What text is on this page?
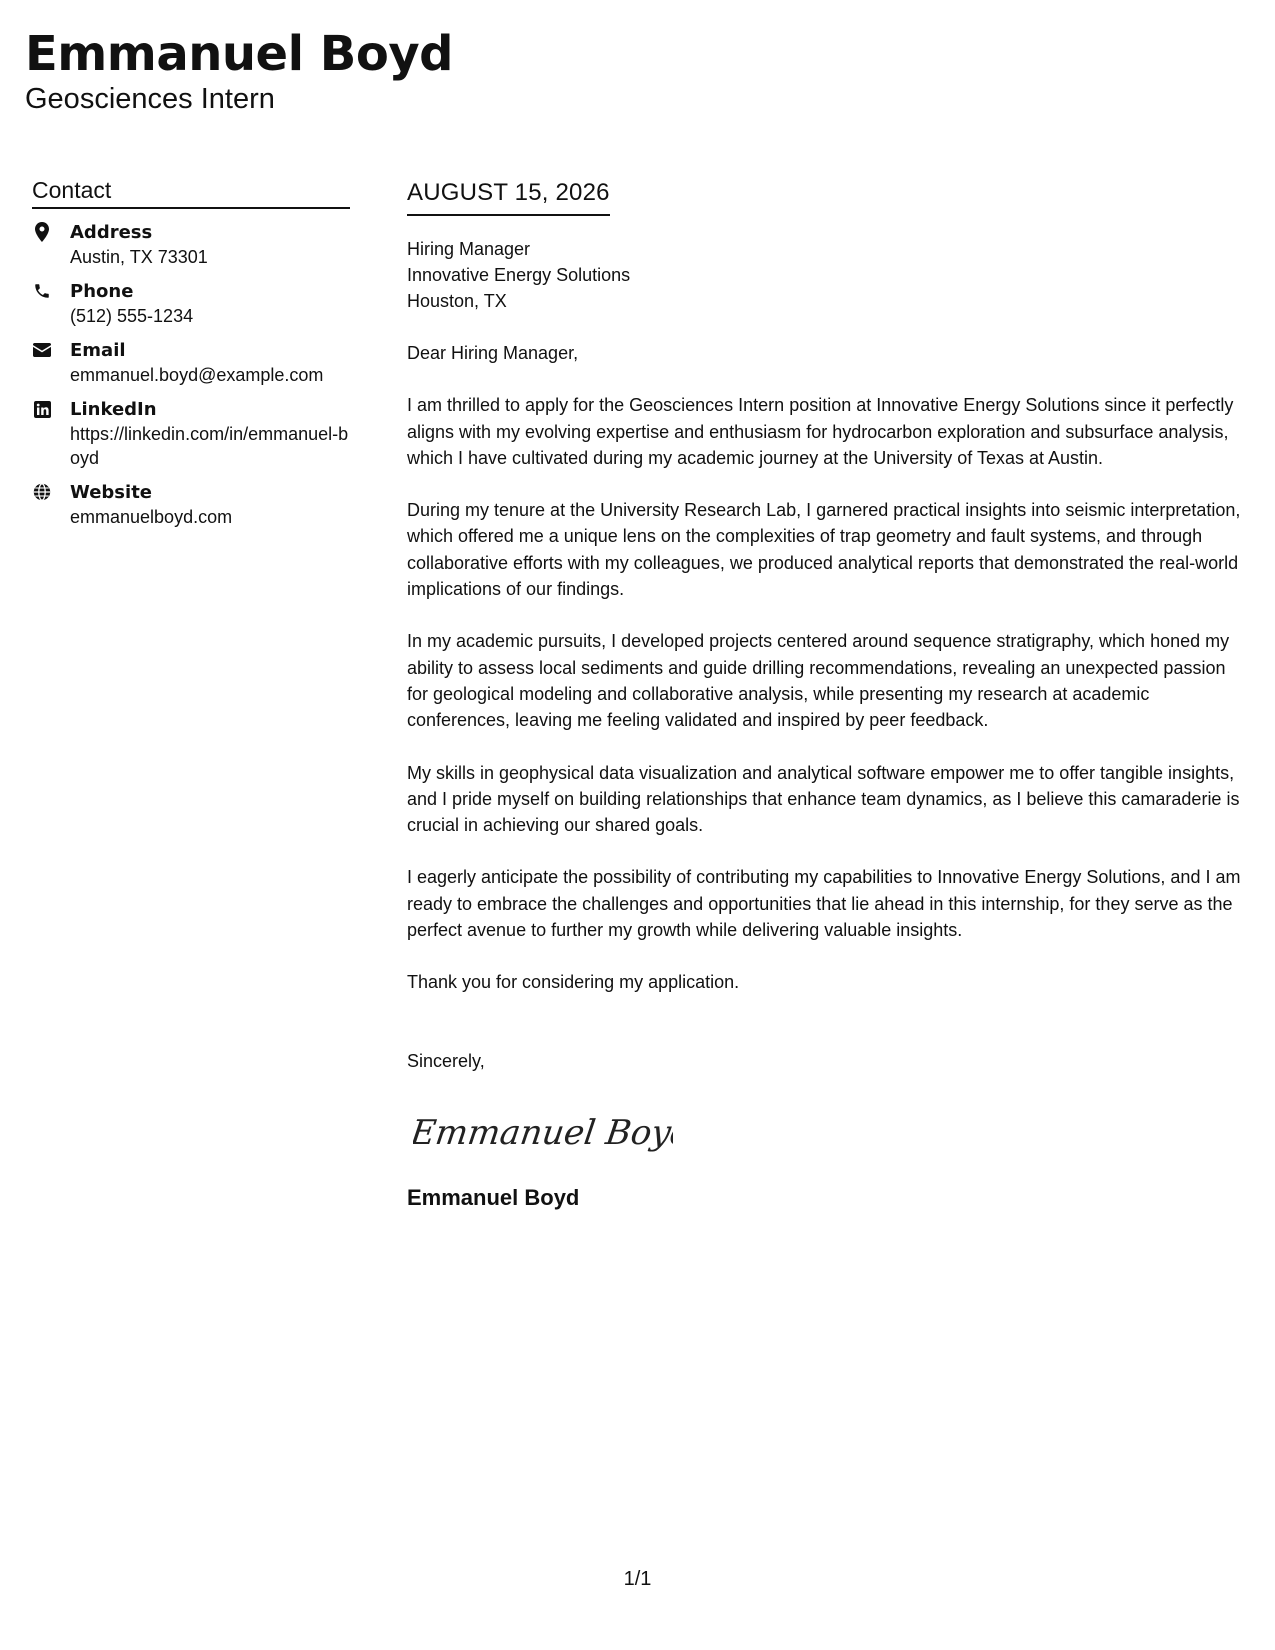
Emmanuel Boyd
Geosciences Intern
Contact
Address
Austin, TX 73301
Phone
(512) 555-1234
Email
emmanuel.boyd@example.com
LinkedIn
https://linkedin.com/in/emmanuel-boyd
Website
emmanuelboyd.com
AUGUST 15, 2026
Hiring Manager
Innovative Energy Solutions
Houston, TX

Dear Hiring Manager,

I am thrilled to apply for the Geosciences Intern position at Innovative Energy Solutions since it perfectly aligns with my evolving expertise and enthusiasm for hydrocarbon exploration and subsurface analysis, which I have cultivated during my academic journey at the University of Texas at Austin.

During my tenure at the University Research Lab, I garnered practical insights into seismic interpretation, which offered me a unique lens on the complexities of trap geometry and fault systems, and through collaborative efforts with my colleagues, we produced analytical reports that demonstrated the real-world implications of our findings.

In my academic pursuits, I developed projects centered around sequence stratigraphy, which honed my ability to assess local sediments and guide drilling recommendations, revealing an unexpected passion for geological modeling and collaborative analysis, while presenting my research at academic conferences, leaving me feeling validated and inspired by peer feedback.

My skills in geophysical data visualization and analytical software empower me to offer tangible insights, and I pride myself on building relationships that enhance team dynamics, as I believe this camaraderie is crucial in achieving our shared goals.

I eagerly anticipate the possibility of contributing my capabilities to Innovative Energy Solutions, and I am ready to embrace the challenges and opportunities that lie ahead in this internship, for they serve as the perfect avenue to further my growth while delivering valuable insights.

Thank you for considering my application.

Sincerely,

Emmanuel Boyd
Emmanuel Boyd
1/1
